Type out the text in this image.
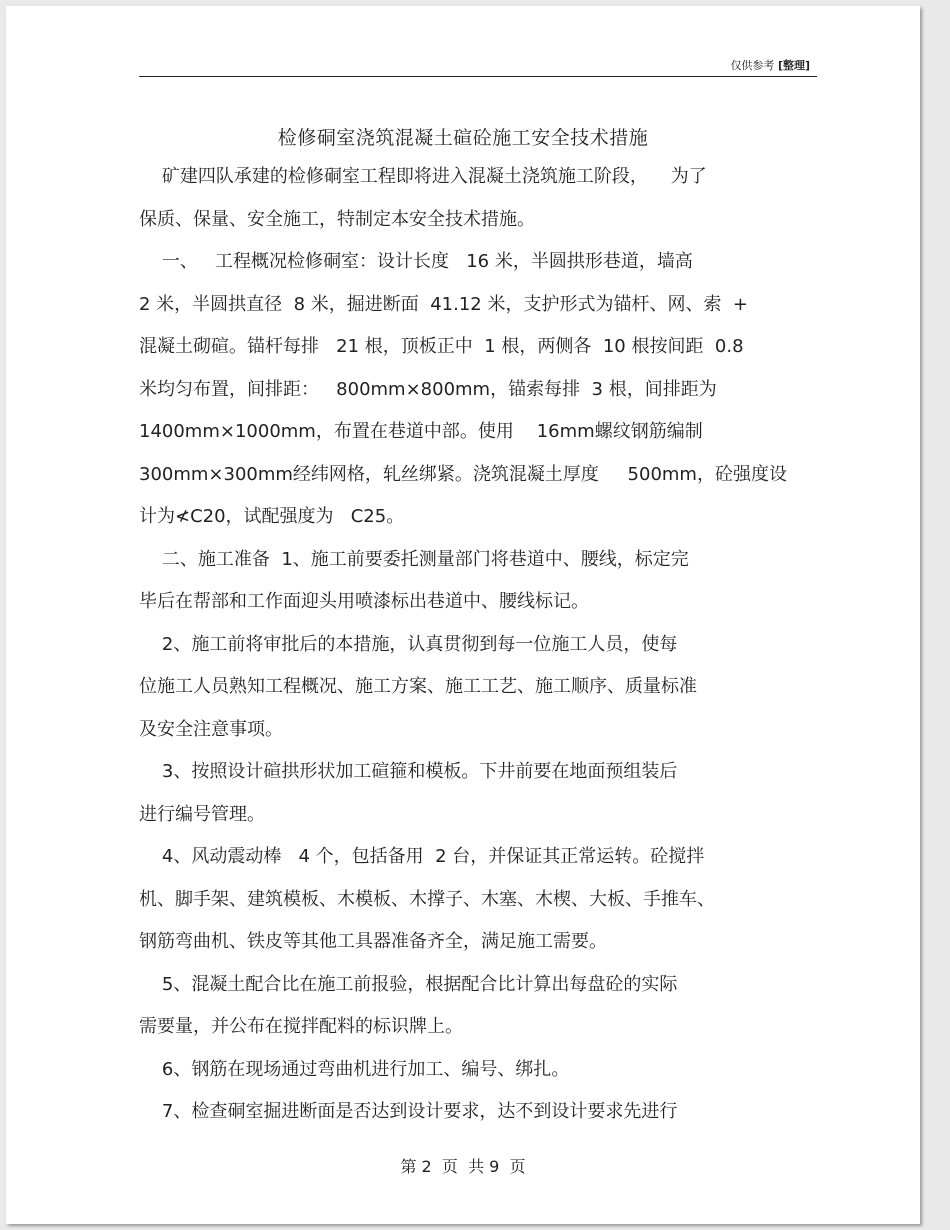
仅供参考 [整理]
检修硐室浇筑混凝土碹砼施工安全技术措施
矿建四队承建的检修硐室工程即将进入混凝土浇筑施工阶段，    为了
保质、保量、安全施工，特制定本安全技术措施。
一、   工程概况检修硐室：设计长度   16 米，半圆拱形巷道，墙高
2 米，半圆拱直径  8 米，掘进断面  41.12 米，支护形式为锚杆、网、索  +
混凝土砌碹。锚杆每排   21 根，顶板正中  1 根，两侧各  10 根按间距  0.8
米均匀布置，间排距：   800mm×800mm，锚索每排  3 根，间排距为
1400mm×1000mm，布置在巷道中部。使用    16mm螺纹钢筋编制
300mm×300mm经纬网格，轧丝绑紧。浇筑混凝土厚度     500mm，砼强度设
计为≮C20，试配强度为   C25。
二、施工准备  1、施工前要委托测量部门将巷道中、腰线，标定完
毕后在帮部和工作面迎头用喷漆标出巷道中、腰线标记。
2、施工前将审批后的本措施，认真贯彻到每一位施工人员，使每
位施工人员熟知工程概况、施工方案、施工工艺、施工顺序、质量标准
及安全注意事项。
3、按照设计碹拱形状加工碹箍和模板。下井前要在地面预组装后
进行编号管理。
4、风动震动棒   4 个，包括备用  2 台，并保证其正常运转。砼搅拌
机、脚手架、建筑模板、木模板、木撑子、木塞、木楔、大板、手推车、
钢筋弯曲机、铁皮等其他工具器准备齐全，满足施工需要。
5、混凝土配合比在施工前报验，根据配合比计算出每盘砼的实际
需要量，并公布在搅拌配料的标识牌上。
6、钢筋在现场通过弯曲机进行加工、编号、绑扎。
7、检查硐室掘进断面是否达到设计要求，达不到设计要求先进行
第 2  页  共 9  页
